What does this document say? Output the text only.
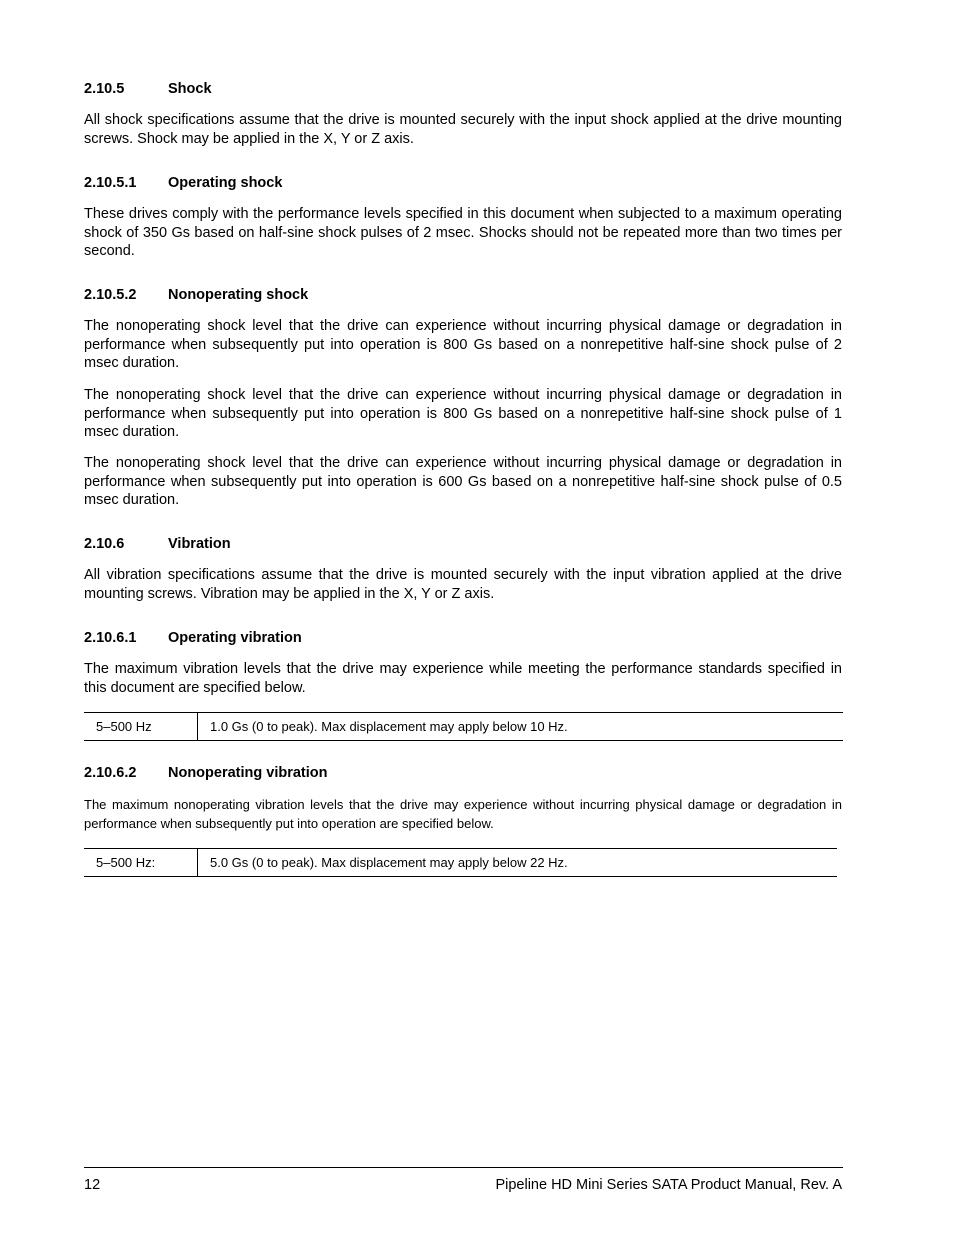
2.10.5	Shock
All shock specifications assume that the drive is mounted securely with the input shock applied at the drive mounting screws. Shock may be applied in the X, Y or Z axis.
2.10.5.1 Operating shock
These drives comply with the performance levels specified in this document when subjected to a maximum operating shock of 350 Gs based on half-sine shock pulses of 2 msec. Shocks should not be repeated more than two times per second.
2.10.5.2 Nonoperating shock
The nonoperating shock level that the drive can experience without incurring physical damage or degradation in performance when subsequently put into operation is 800 Gs based on a nonrepetitive half-sine shock pulse of 2 msec duration.
The nonoperating shock level that the drive can experience without incurring physical damage or degradation in performance when subsequently put into operation is 800 Gs based on a nonrepetitive half-sine shock pulse of 1 msec duration.
The nonoperating shock level that the drive can experience without incurring physical damage or degradation in performance when subsequently put into operation is 600 Gs based on a nonrepetitive half-sine shock pulse of 0.5 msec duration.
2.10.6	Vibration
All vibration specifications assume that the drive is mounted securely with the input vibration applied at the drive mounting screws. Vibration may be applied in the X, Y or Z axis.
2.10.6.1 Operating vibration
The maximum vibration levels that the drive may experience while meeting the performance standards specified in this document are specified below.
5–500 Hz	1.0 Gs (0 to peak). Max displacement may apply below 10 Hz.
2.10.6.2 Nonoperating vibration
The maximum nonoperating vibration levels that the drive may experience without incurring physical damage or degradation in performance when subsequently put into operation are specified below.
5–500 Hz:	5.0 Gs (0 to peak). Max displacement may apply below 22 Hz.
12	Pipeline HD Mini Series SATA Product Manual, Rev. A
